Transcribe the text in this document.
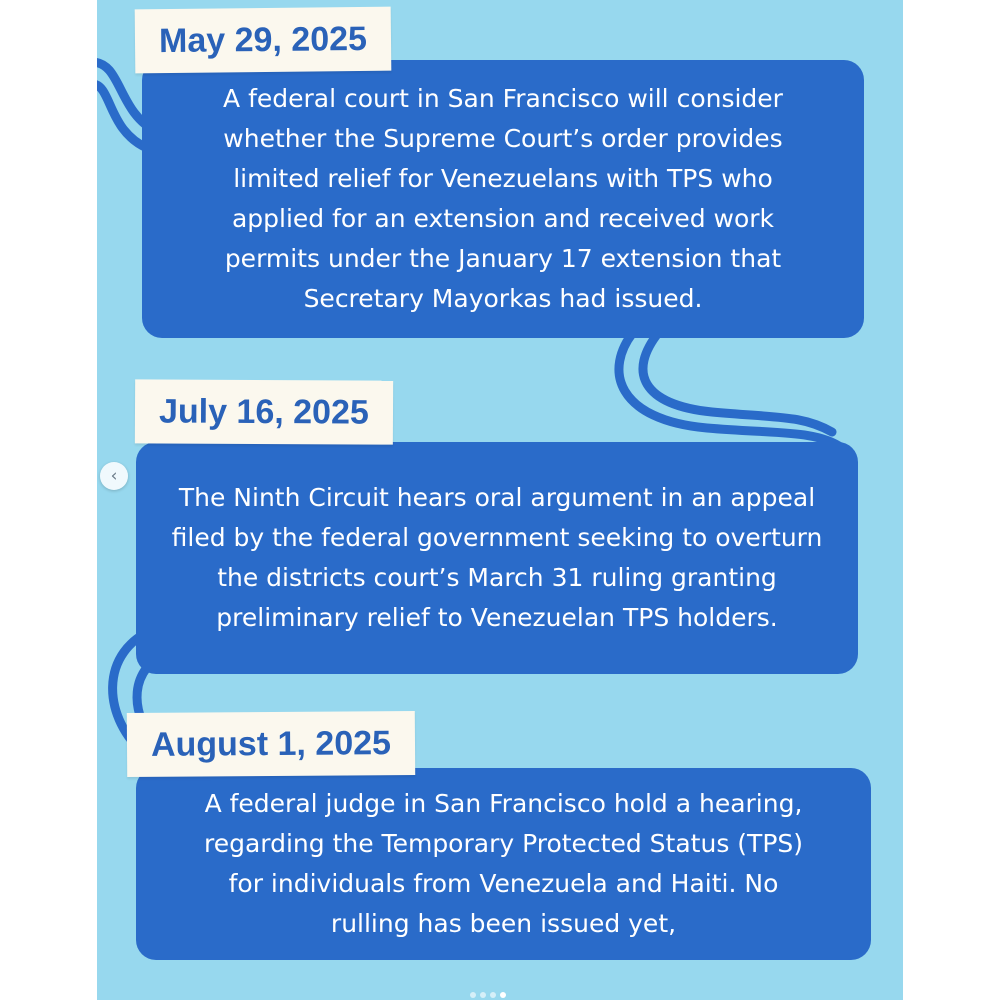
A federal court in San Francisco will consider whether the Supreme Court’s order provides limited relief for Venezuelans with TPS who applied for an extension and received work permits under the January 17 extension that Secretary Mayorkas had issued.
May 29, 2025
The Ninth Circuit hears oral argument in an appeal filed by the federal government seeking to overturn the districts court’s March 31 ruling granting preliminary relief to Venezuelan TPS holders.
July 16, 2025
A federal judge in San Francisco hold a hearing, regarding the Temporary Protected Status (TPS) for individuals from Venezuela and Haiti. No rulling has been issued yet,
August 1, 2025
‹
